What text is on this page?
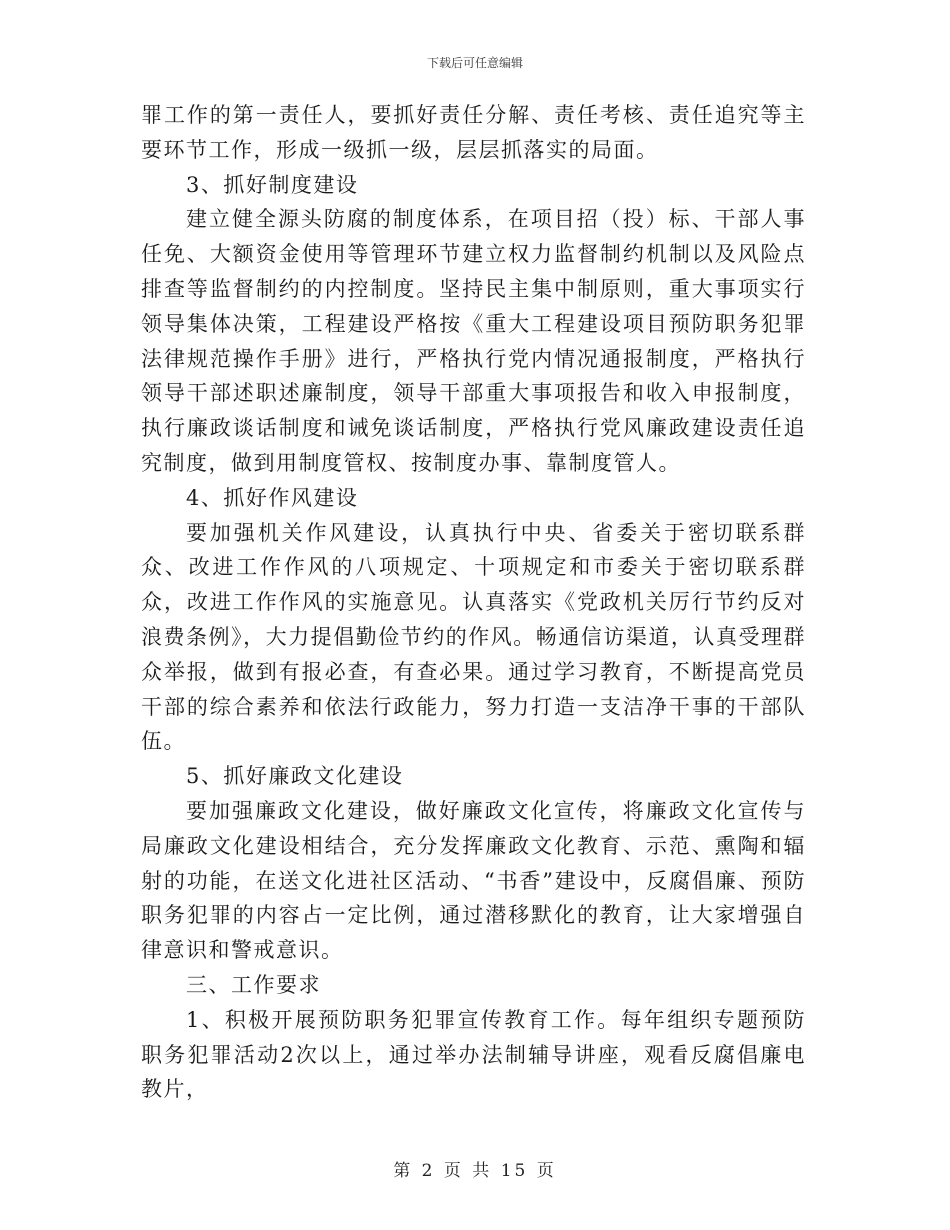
下载后可任意编辑

罪工作的第一责任人，要抓好责任分解、责任考核、责任追究等主要环节工作，形成一级抓一级，层层抓落实的局面。

3、抓好制度建设

建立健全源头防腐的制度体系，在项目招（投）标、干部人事任免、大额资金使用等管理环节建立权力监督制约机制以及风险点排查等监督制约的内控制度。坚持民主集中制原则，重大事项实行领导集体决策，工程建设严格按《重大工程建设项目预防职务犯罪法律规范操作手册》进行，严格执行党内情况通报制度，严格执行领导干部述职述廉制度，领导干部重大事项报告和收入申报制度，执行廉政谈话制度和诫免谈话制度，严格执行党风廉政建设责任追究制度，做到用制度管权、按制度办事、靠制度管人。

4、抓好作风建设

要加强机关作风建设，认真执行中央、省委关于密切联系群众、改进工作作风的八项规定、十项规定和市委关于密切联系群众，改进工作作风的实施意见。认真落实《党政机关厉行节约反对浪费条例》，大力提倡勤俭节约的作风。畅通信访渠道，认真受理群众举报，做到有报必查，有查必果。通过学习教育，不断提高党员干部的综合素养和依法行政能力，努力打造一支洁净干事的干部队伍。

5、抓好廉政文化建设

要加强廉政文化建设，做好廉政文化宣传，将廉政文化宣传与局廉政文化建设相结合，充分发挥廉政文化教育、示范、熏陶和辐射的功能，在送文化进社区活动、“书香”建设中，反腐倡廉、预防职务犯罪的内容占一定比例，通过潜移默化的教育，让大家增强自律意识和警戒意识。

三、工作要求

1、积极开展预防职务犯罪宣传教育工作。每年组织专题预防职务犯罪活动2次以上，通过举办法制辅导讲座，观看反腐倡廉电教片，

第 2 页 共 15 页
